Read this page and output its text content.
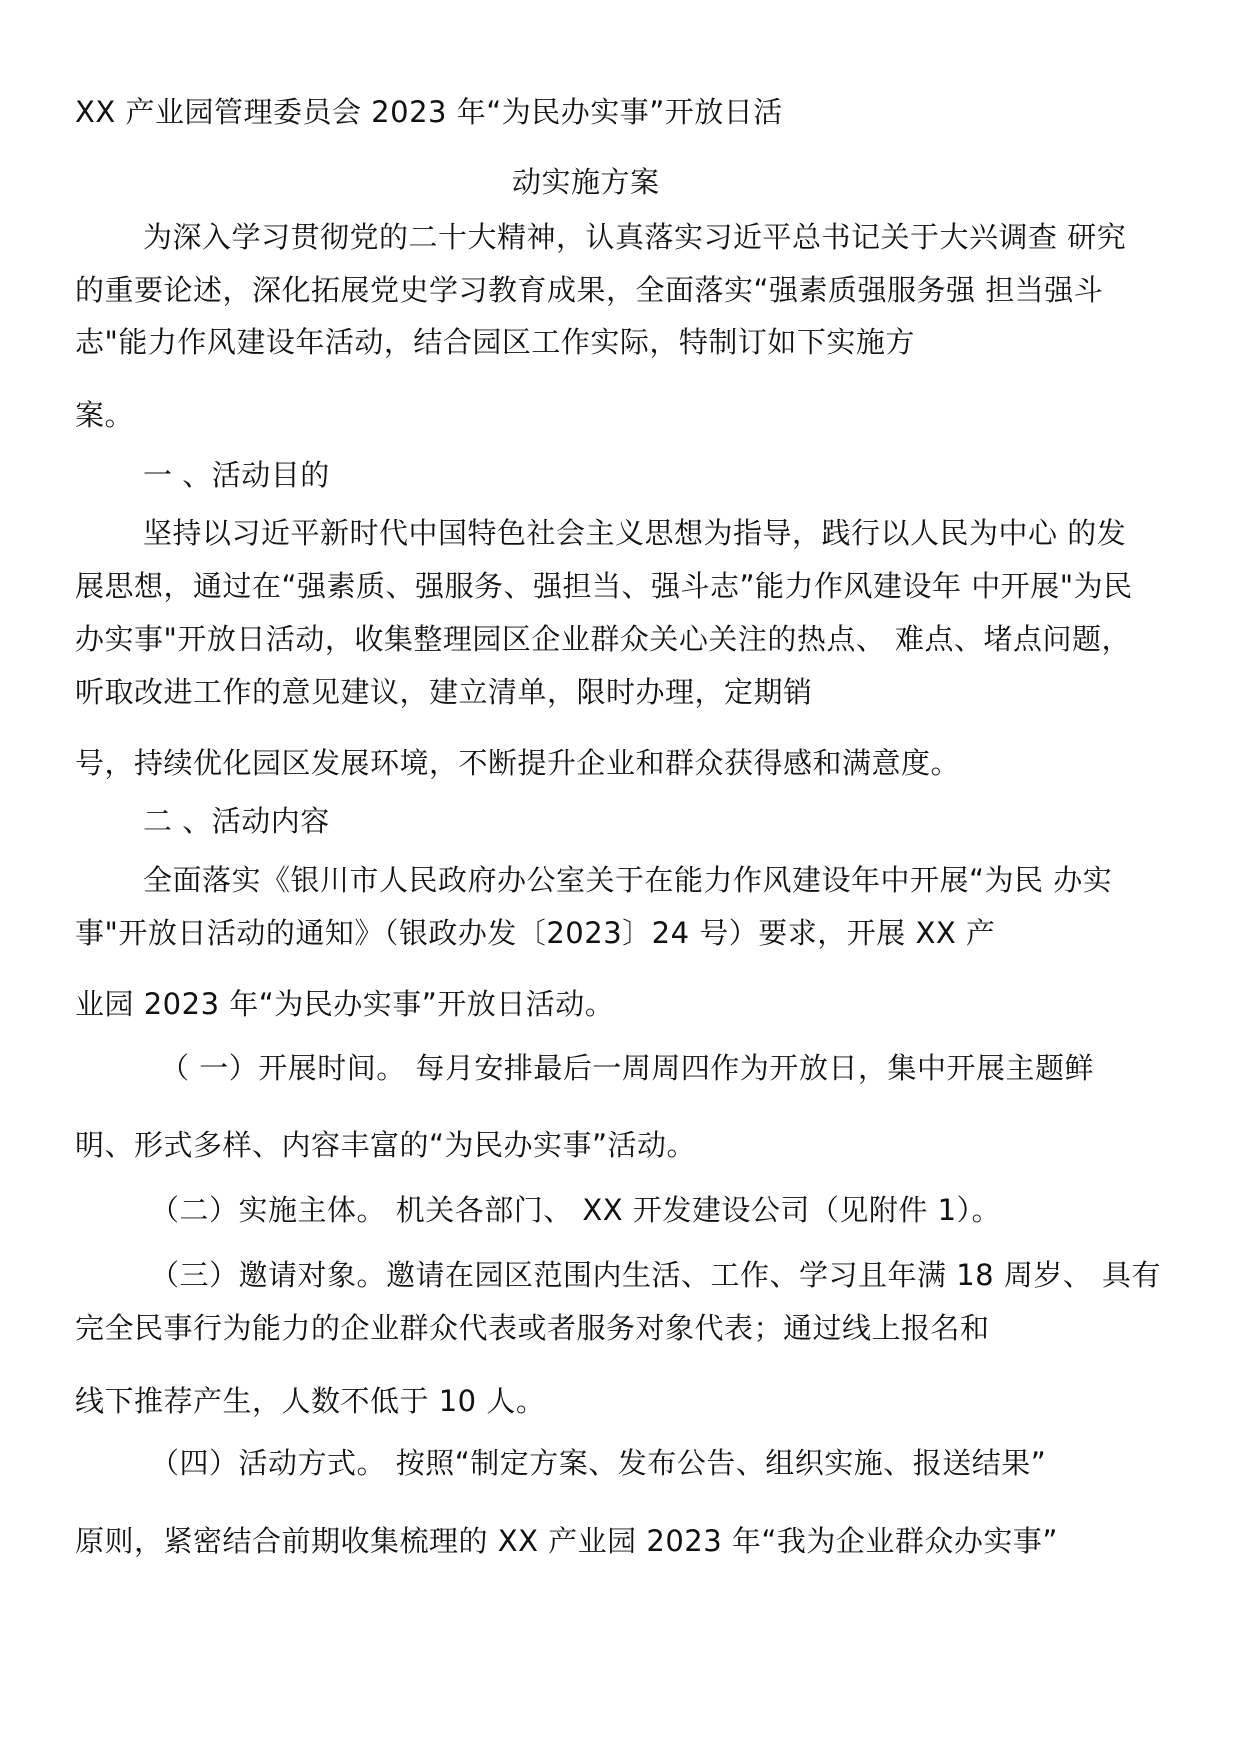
XX 产业园管理委员会 2023 年“为民办实事”开放日活
动实施方案
为深入学习贯彻党的二十大精神，认真落实习近平总书记关于大兴调查 研究
的重要论述，深化拓展党史学习教育成果，全面落实“强素质强服务强 担当强斗
志"能力作风建设年活动，结合园区工作实际，特制订如下实施方
案。
一 、活动目的
坚持以习近平新时代中国特色社会主义思想为指导，践行以人民为中心 的发
展思想，通过在“强素质、强服务、强担当、强斗志”能力作风建设年 中开展"为民
办实事"开放日活动，收集整理园区企业群众关心关注的热点、 难点、堵点问题，
听取改进工作的意见建议，建立清单，限时办理，定期销
号，持续优化园区发展环境，不断提升企业和群众获得感和满意度。
二 、活动内容
全面落实《银川市人民政府办公室关于在能力作风建设年中开展“为民 办实
事"开放日活动的通知》（银政办发〔2023〕24 号）要求，开展 XX 产
业园 2023 年“为民办实事”开放日活动。
（ 一）开展时间。 每月安排最后一周周四作为开放日，集中开展主题鲜
明、形式多样、内容丰富的“为民办实事”活动。
（二）实施主体。 机关各部门、 XX 开发建设公司（见附件 1）。
（三）邀请对象。邀请在园区范围内生活、工作、学习且年满 18 周岁、 具有
完全民事行为能力的企业群众代表或者服务对象代表；通过线上报名和
线下推荐产生，人数不低于 10 人。
（四）活动方式。 按照“制定方案、发布公告、组织实施、报送结果”
原则，紧密结合前期收集梳理的 XX 产业园 2023 年“我为企业群众办实事”
